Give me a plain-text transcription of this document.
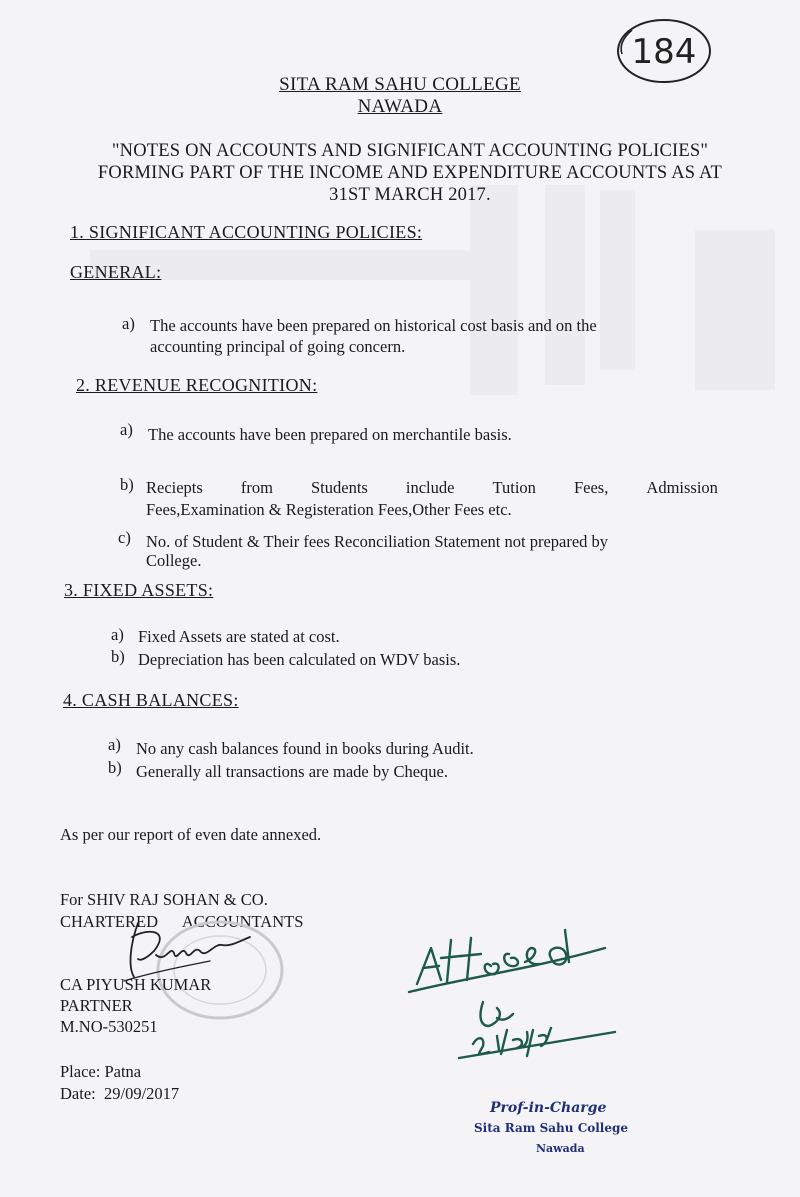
184
SITA RAM SAHU COLLEGE
NAWADA
"NOTES ON ACCOUNTS AND SIGNIFICANT ACCOUNTING POLICIES"
FORMING PART OF THE INCOME AND EXPENDITURE ACCOUNTS AS AT
31ST MARCH 2017.
1. SIGNIFICANT ACCOUNTING POLICIES:
GENERAL:
a) The accounts have been prepared on historical cost basis and on the
accounting principal of going concern.
2. REVENUE RECOGNITION:
a) The accounts have been prepared on merchantile basis.
b) Reciepts from Students include Tution Fees, Admission
Fees,Examination & Registeration Fees,Other Fees etc.
c) No. of Student & Their fees Reconciliation Statement not prepared by
College.
3. FIXED ASSETS:
a) Fixed Assets are stated at cost.
b) Depreciation has been calculated on WDV basis.
4. CASH BALANCES:
a) No any cash balances found in books during Audit.
b) Generally all transactions are made by Cheque.
As per our report of even date annexed.
For SHIV RAJ SOHAN & CO.
CHARTERED      ACCOUNTANTS
CA PIYUSH KUMAR
PARTNER
M.NO-530251
Place: Patna
Date:  29/09/2017
Prof-in-Charge
Sita Ram Sahu College
Nawada
